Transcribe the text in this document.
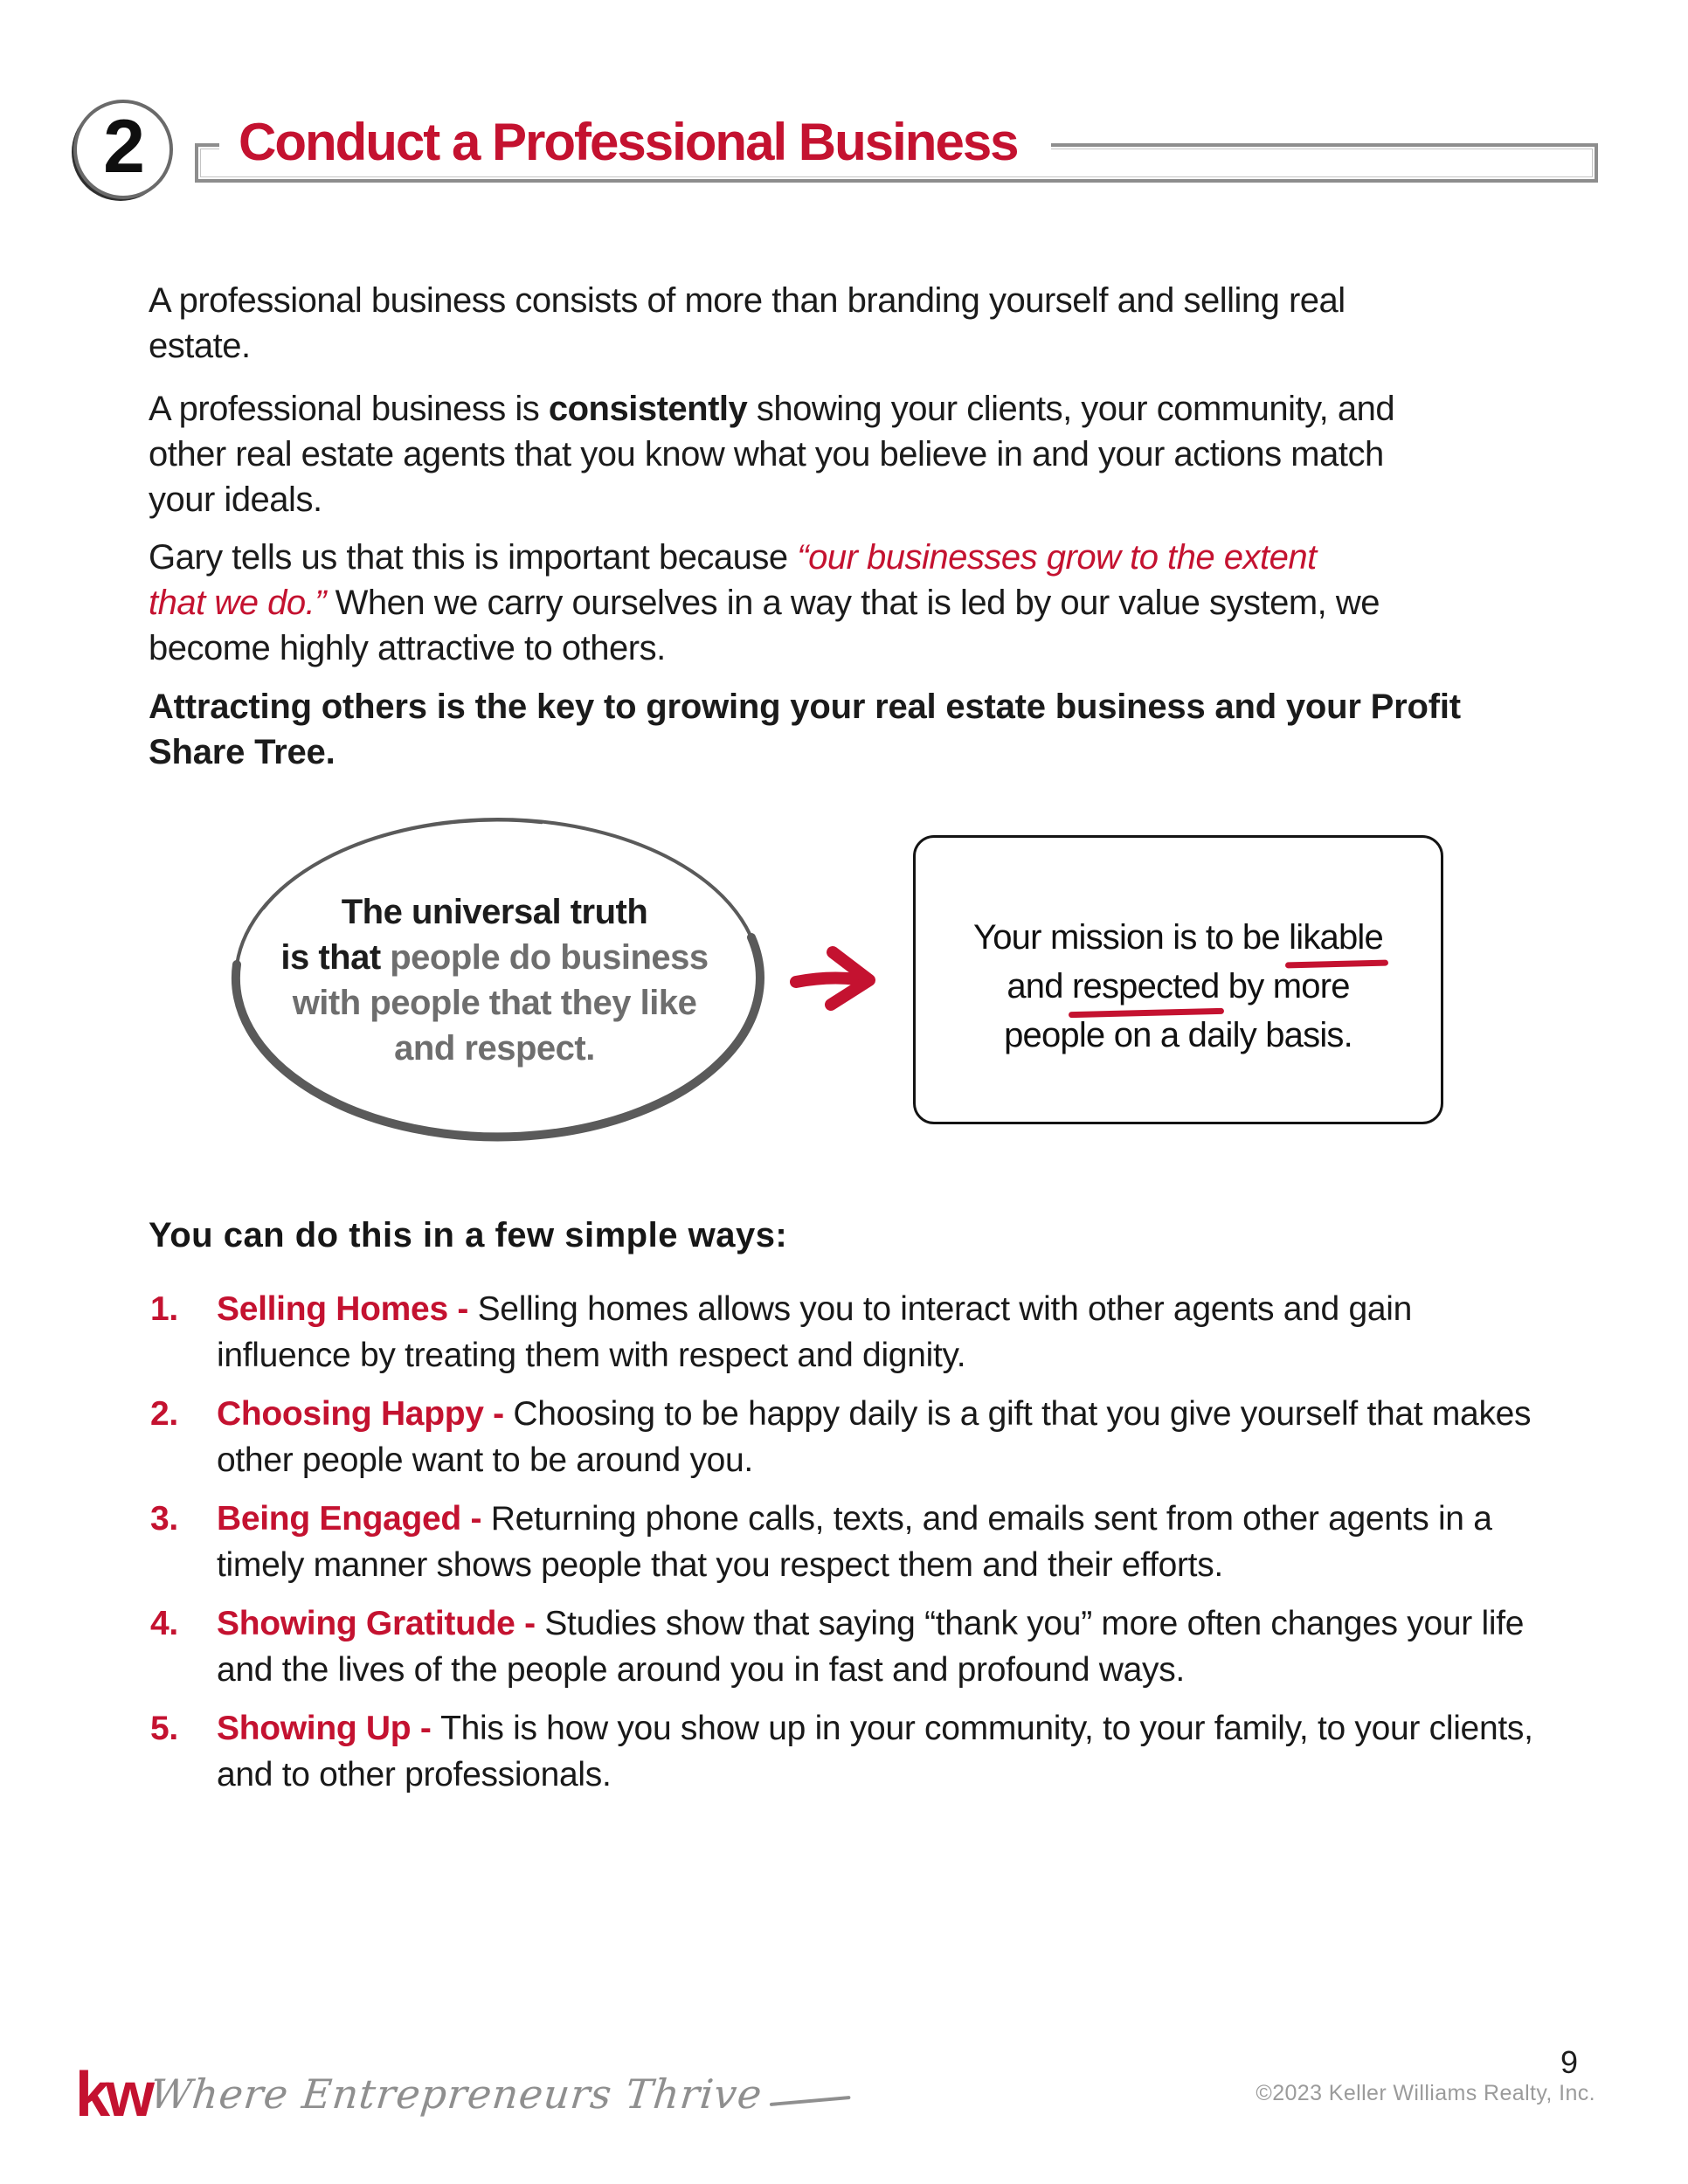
2	Conduct a Professional Business
A professional business consists of more than branding yourself and selling real
estate.
A professional business is consistently showing your clients, your community, and
other real estate agents that you know what you believe in and your actions match
your ideals.
Gary tells us that this is important because “our businesses grow to the extent
that we do.” When we carry ourselves in a way that is led by our value system, we
become highly attractive to others.
Attracting others is the key to growing your real estate business and your Profit
Share Tree.
The universal truth
is that people do business
with people that they like
and respect.
Your mission is to be likable
and respected by more
people on a daily basis.
You can do this in a few simple ways:
1. Selling Homes - Selling homes allows you to interact with other agents and gain
influence by treating them with respect and dignity.
2. Choosing Happy - Choosing to be happy daily is a gift that you give yourself that makes
other people want to be around you.
3. Being Engaged - Returning phone calls, texts, and emails sent from other agents in a
timely manner shows people that you respect them and their efforts.
4. Showing Gratitude - Studies show that saying “thank you” more often changes your life
and the lives of the people around you in fast and profound ways.
5. Showing Up - This is how you show up in your community, to your family, to your clients,
and to other professionals.
kw
Where Entrepreneurs Thrive
9
©2023 Keller Williams Realty, Inc.
